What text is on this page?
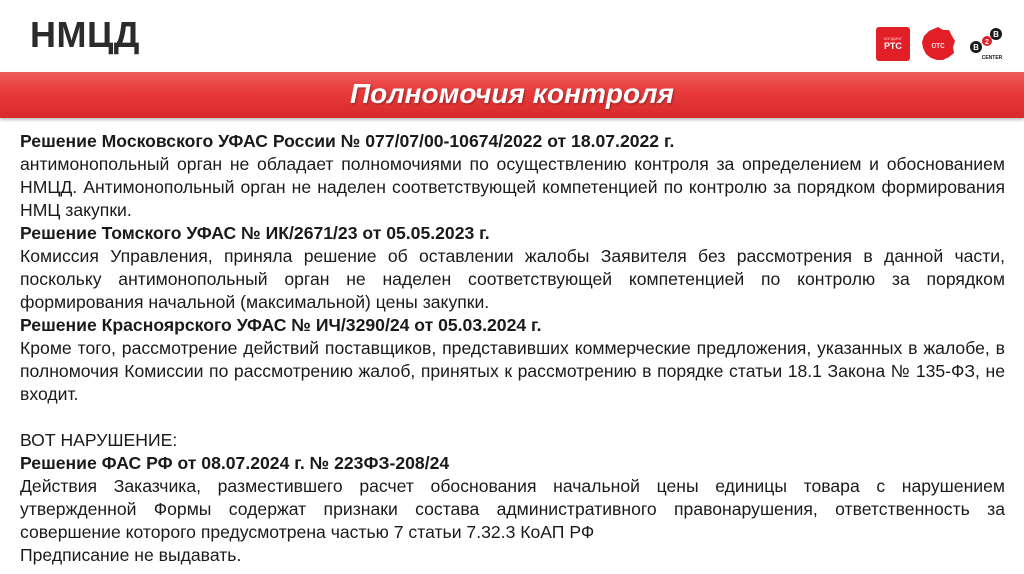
НМЦД	ХОЛДИНГ
РТС	отс
B
2
B
CENTER
Полномочия контроля

Решение Московского УФАС России № 077/07/00-10674/2022 от 18.07.2022 г.

антимонопольный орган не обладает полномочиями по осуществлению контроля за определением и обоснованием НМЦД. Антимонопольный орган не наделен соответствующей компетенцией по контролю за порядком формирования НМЦ закупки.

Решение Томского УФАС № ИК/2671/23 от 05.05.2023 г.

Комиссия Управления, приняла решение об оставлении жалобы Заявителя без рассмотрения в данной части, поскольку антимонопольный орган не наделен соответствующей компетенцией по контролю за порядком формирования начальной (максимальной) цены закупки.

Решение Красноярского УФАС № ИЧ/3290/24 от 05.03.2024 г.

Кроме того, рассмотрение действий поставщиков, представивших коммерческие предложения, указанных в жалобе, в полномочия Комиссии по рассмотрению жалоб, принятых к рассмотрению в порядке статьи 18.1 Закона № 135-ФЗ, не входит.

ВОТ НАРУШЕНИЕ:

Решение ФАС РФ от 08.07.2024 г. № 223ФЗ-208/24

Действия Заказчика, разместившего расчет обоснования начальной цены единицы товара с нарушением утвержденной Формы содержат признаки состава административного правонарушения, ответственность за совершение которого предусмотрена частью 7 статьи 7.32.3 КоАП РФ

Предписание не выдавать.
